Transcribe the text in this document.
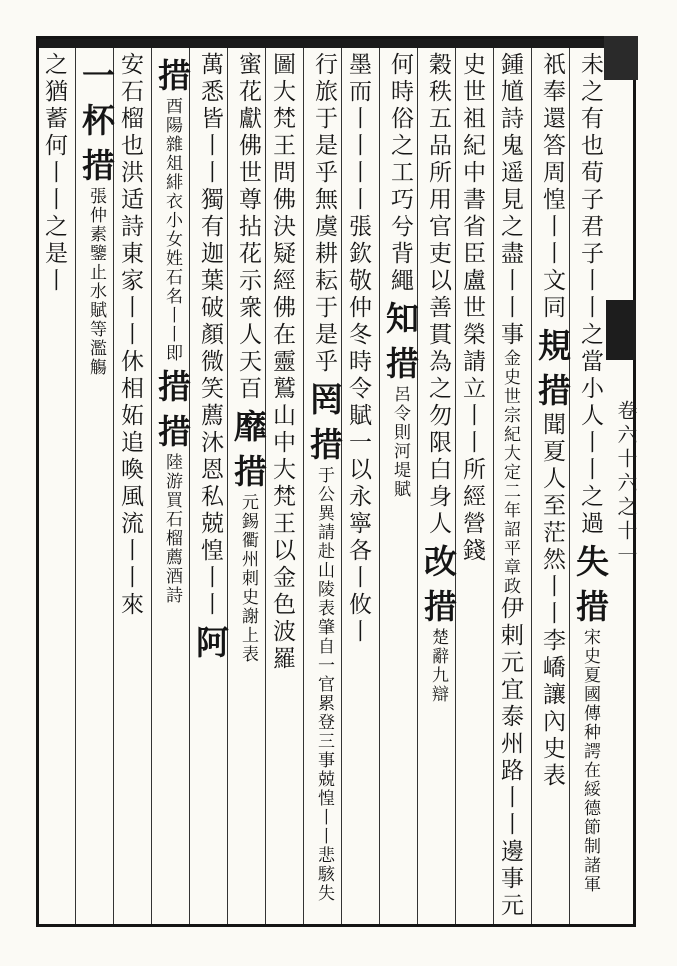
卷六十六之十一
未之有也荀子君子丨丨之當小人丨丨之過失措宋史夏國傳种諤在綏德節制諸軍
祇奉還答周惶丨丨文同規措聞夏人至茫然丨丨李嶠讓內史表
鍾馗詩鬼遥見之盡丨丨事金史世宗紀大定二年詔平章政伊剌元宜泰州路丨丨邊事元
史世祖紀中書省臣盧世榮請立丨丨所經營錢
穀秩五品所用官吏以善貫為之勿限白身人改措楚辭九辯
何時俗之工巧兮背繩知措呂令則河堤賦
墨而丨丨丨丨張欽敬仲冬時令賦一以永寧各丨攸丨
行旅于是乎無虞耕耘于是乎罔措于公異請赴山陵表肇自一官累登三事兢惶丨丨悲駭失
圖大梵王問佛決疑經佛在靈鷲山中大梵王以金色波羅
蜜花獻佛世尊拈花示衆人天百靡措元錫衢州刺史謝上表
萬悉皆丨丨獨有迦葉破顏微笑薦沐恩私兢惶丨丨阿
措酉陽雜俎緋衣小女姓石名丨丨即措措陸游買石榴薦酒詩
安石榴也洪适詩東家丨丨休相妬追喚風流丨丨來
一杯措張仲素鑒止水賦等濫觴
之猶蓄何丨丨之是丨
